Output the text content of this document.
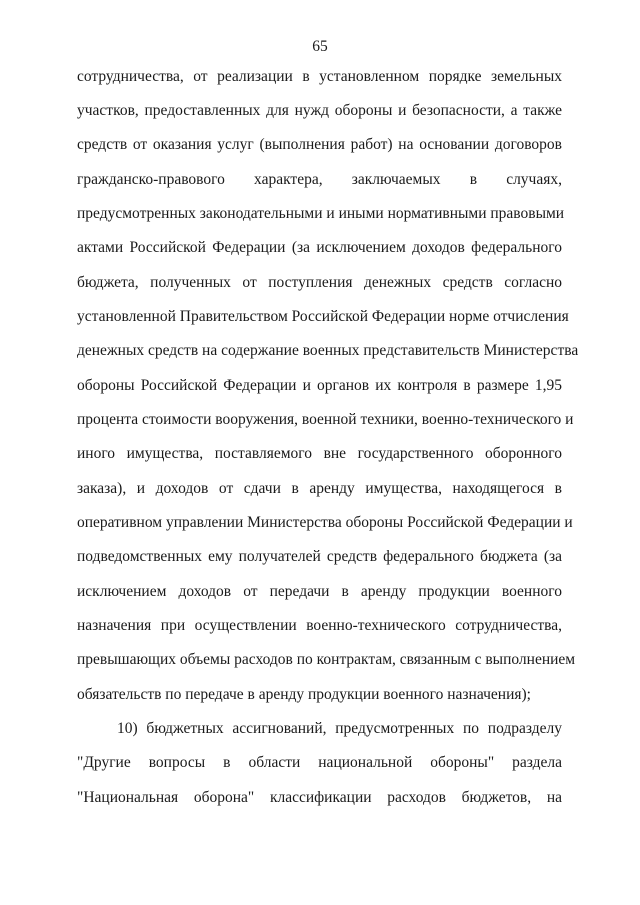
65
сотрудничества, от реализации в установленном порядке земельных
участков, предоставленных для нужд обороны и безопасности, а также
средств от оказания услуг (выполнения работ) на основании договоров
гражданско-правового характера, заключаемых в случаях,
предусмотренных законодательными и иными нормативными правовыми
актами Российской Федерации (за исключением доходов федерального
бюджета, полученных от поступления денежных средств согласно
установленной Правительством Российской Федерации норме отчисления
денежных средств на содержание военных представительств Министерства
обороны Российской Федерации и органов их контроля в размере 1,95
процента стоимости вооружения, военной техники, военно-технического и
иного имущества, поставляемого вне государственного оборонного
заказа), и доходов от сдачи в аренду имущества, находящегося в
оперативном управлении Министерства обороны Российской Федерации и
подведомственных ему получателей средств федерального бюджета (за
исключением доходов от передачи в аренду продукции военного
назначения при осуществлении военно-технического сотрудничества,
превышающих объемы расходов по контрактам, связанным с выполнением
обязательств по передаче в аренду продукции военного назначения);
10) бюджетных ассигнований, предусмотренных по подразделу
"Другие вопросы в области национальной обороны" раздела
"Национальная оборона" классификации расходов бюджетов, на
